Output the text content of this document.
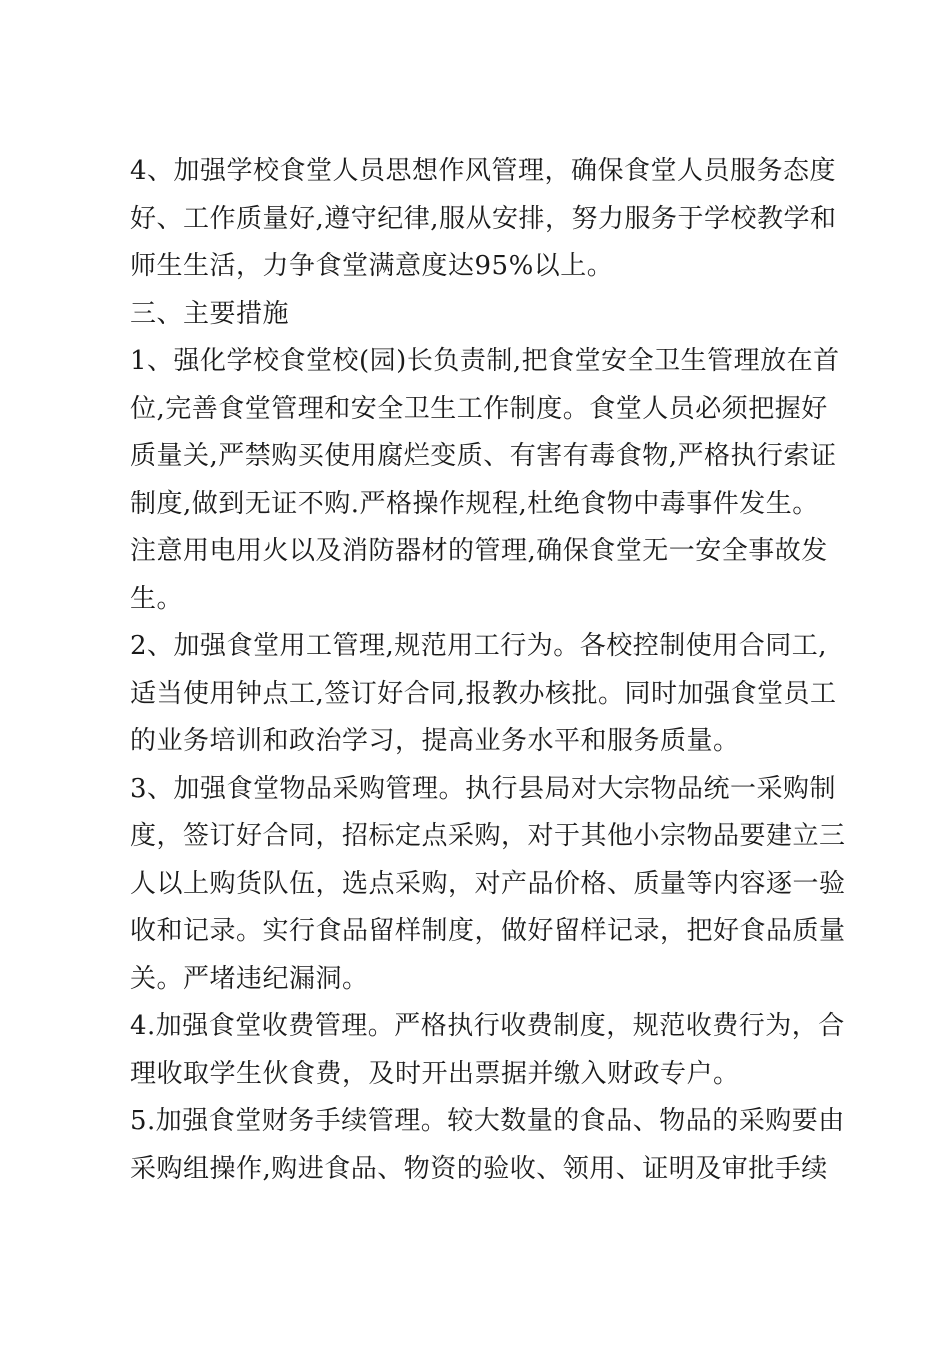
4、加强学校食堂人员思想作风管理，确保食堂人员服务态度
好、工作质量好,遵守纪律,服从安排，努力服务于学校教学和
师生生活，力争食堂满意度达95%以上。

三、主要措施

1、强化学校食堂校(园)长负责制,把食堂安全卫生管理放在首
位,完善食堂管理和安全卫生工作制度。食堂人员必须把握好
质量关,严禁购买使用腐烂变质、有害有毒食物,严格执行索证
制度,做到无证不购.严格操作规程,杜绝食物中毒事件发生。
注意用电用火以及消防器材的管理,确保食堂无一安全事故发
生。

2、加强食堂用工管理,规范用工行为。各校控制使用合同工,
适当使用钟点工,签订好合同,报教办核批。同时加强食堂员工
的业务培训和政治学习，提高业务水平和服务质量。

3、加强食堂物品采购管理。执行县局对大宗物品统一采购制
度，签订好合同，招标定点采购，对于其他小宗物品要建立三
人以上购货队伍，选点采购，对产品价格、质量等内容逐一验
收和记录。实行食品留样制度，做好留样记录，把好食品质量
关。严堵违纪漏洞。

4.加强食堂收费管理。严格执行收费制度，规范收费行为，合
理收取学生伙食费，及时开出票据并缴入财政专户。

5.加强食堂财务手续管理。较大数量的食品、物品的采购要由
采购组操作,购进食品、物资的验收、领用、证明及审批手续
